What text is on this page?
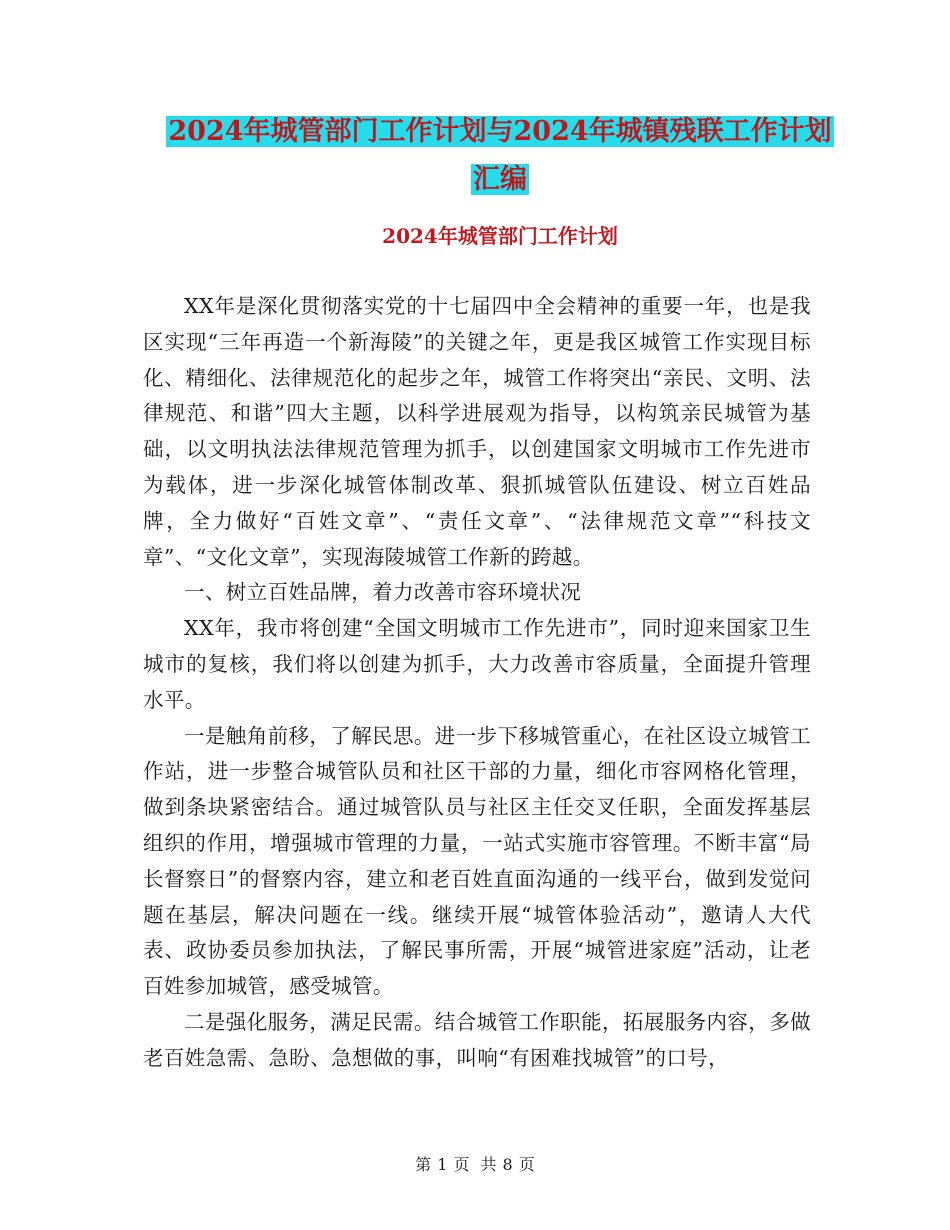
2024年城管部门工作计划与2024年城镇残联工作计划
汇编
2024年城管部门工作计划

XX年是深化贯彻落实党的十七届四中全会精神的重要一年，也是我区实现“三年再造一个新海陵”的关键之年，更是我区城管工作实现目标化、精细化、法律规范化的起步之年，城管工作将突出“亲民、文明、法律规范、和谐”四大主题，以科学进展观为指导，以构筑亲民城管为基础，以文明执法法律规范管理为抓手，以创建国家文明城市工作先进市为载体，进一步深化城管体制改革、狠抓城管队伍建设、树立百姓品牌，全力做好“百姓文章”、“责任文章”、“法律规范文章”“科技文章”、“文化文章”，实现海陵城管工作新的跨越。

一、树立百姓品牌，着力改善市容环境状况

XX年，我市将创建“全国文明城市工作先进市”，同时迎来国家卫生城市的复核，我们将以创建为抓手，大力改善市容质量，全面提升管理水平。

一是触角前移，了解民思。进一步下移城管重心，在社区设立城管工作站，进一步整合城管队员和社区干部的力量，细化市容网格化管理，做到条块紧密结合。通过城管队员与社区主任交叉任职，全面发挥基层组织的作用，增强城市管理的力量，一站式实施市容管理。不断丰富“局长督察日”的督察内容，建立和老百姓直面沟通的一线平台，做到发觉问题在基层，解决问题在一线。继续开展“城管体验活动”，邀请人大代表、政协委员参加执法，了解民事所需，开展“城管进家庭”活动，让老百姓参加城管，感受城管。

二是强化服务，满足民需。结合城管工作职能，拓展服务内容，多做老百姓急需、急盼、急想做的事，叫响“有困难找城管”的口号，

第 1 页 共 8 页
